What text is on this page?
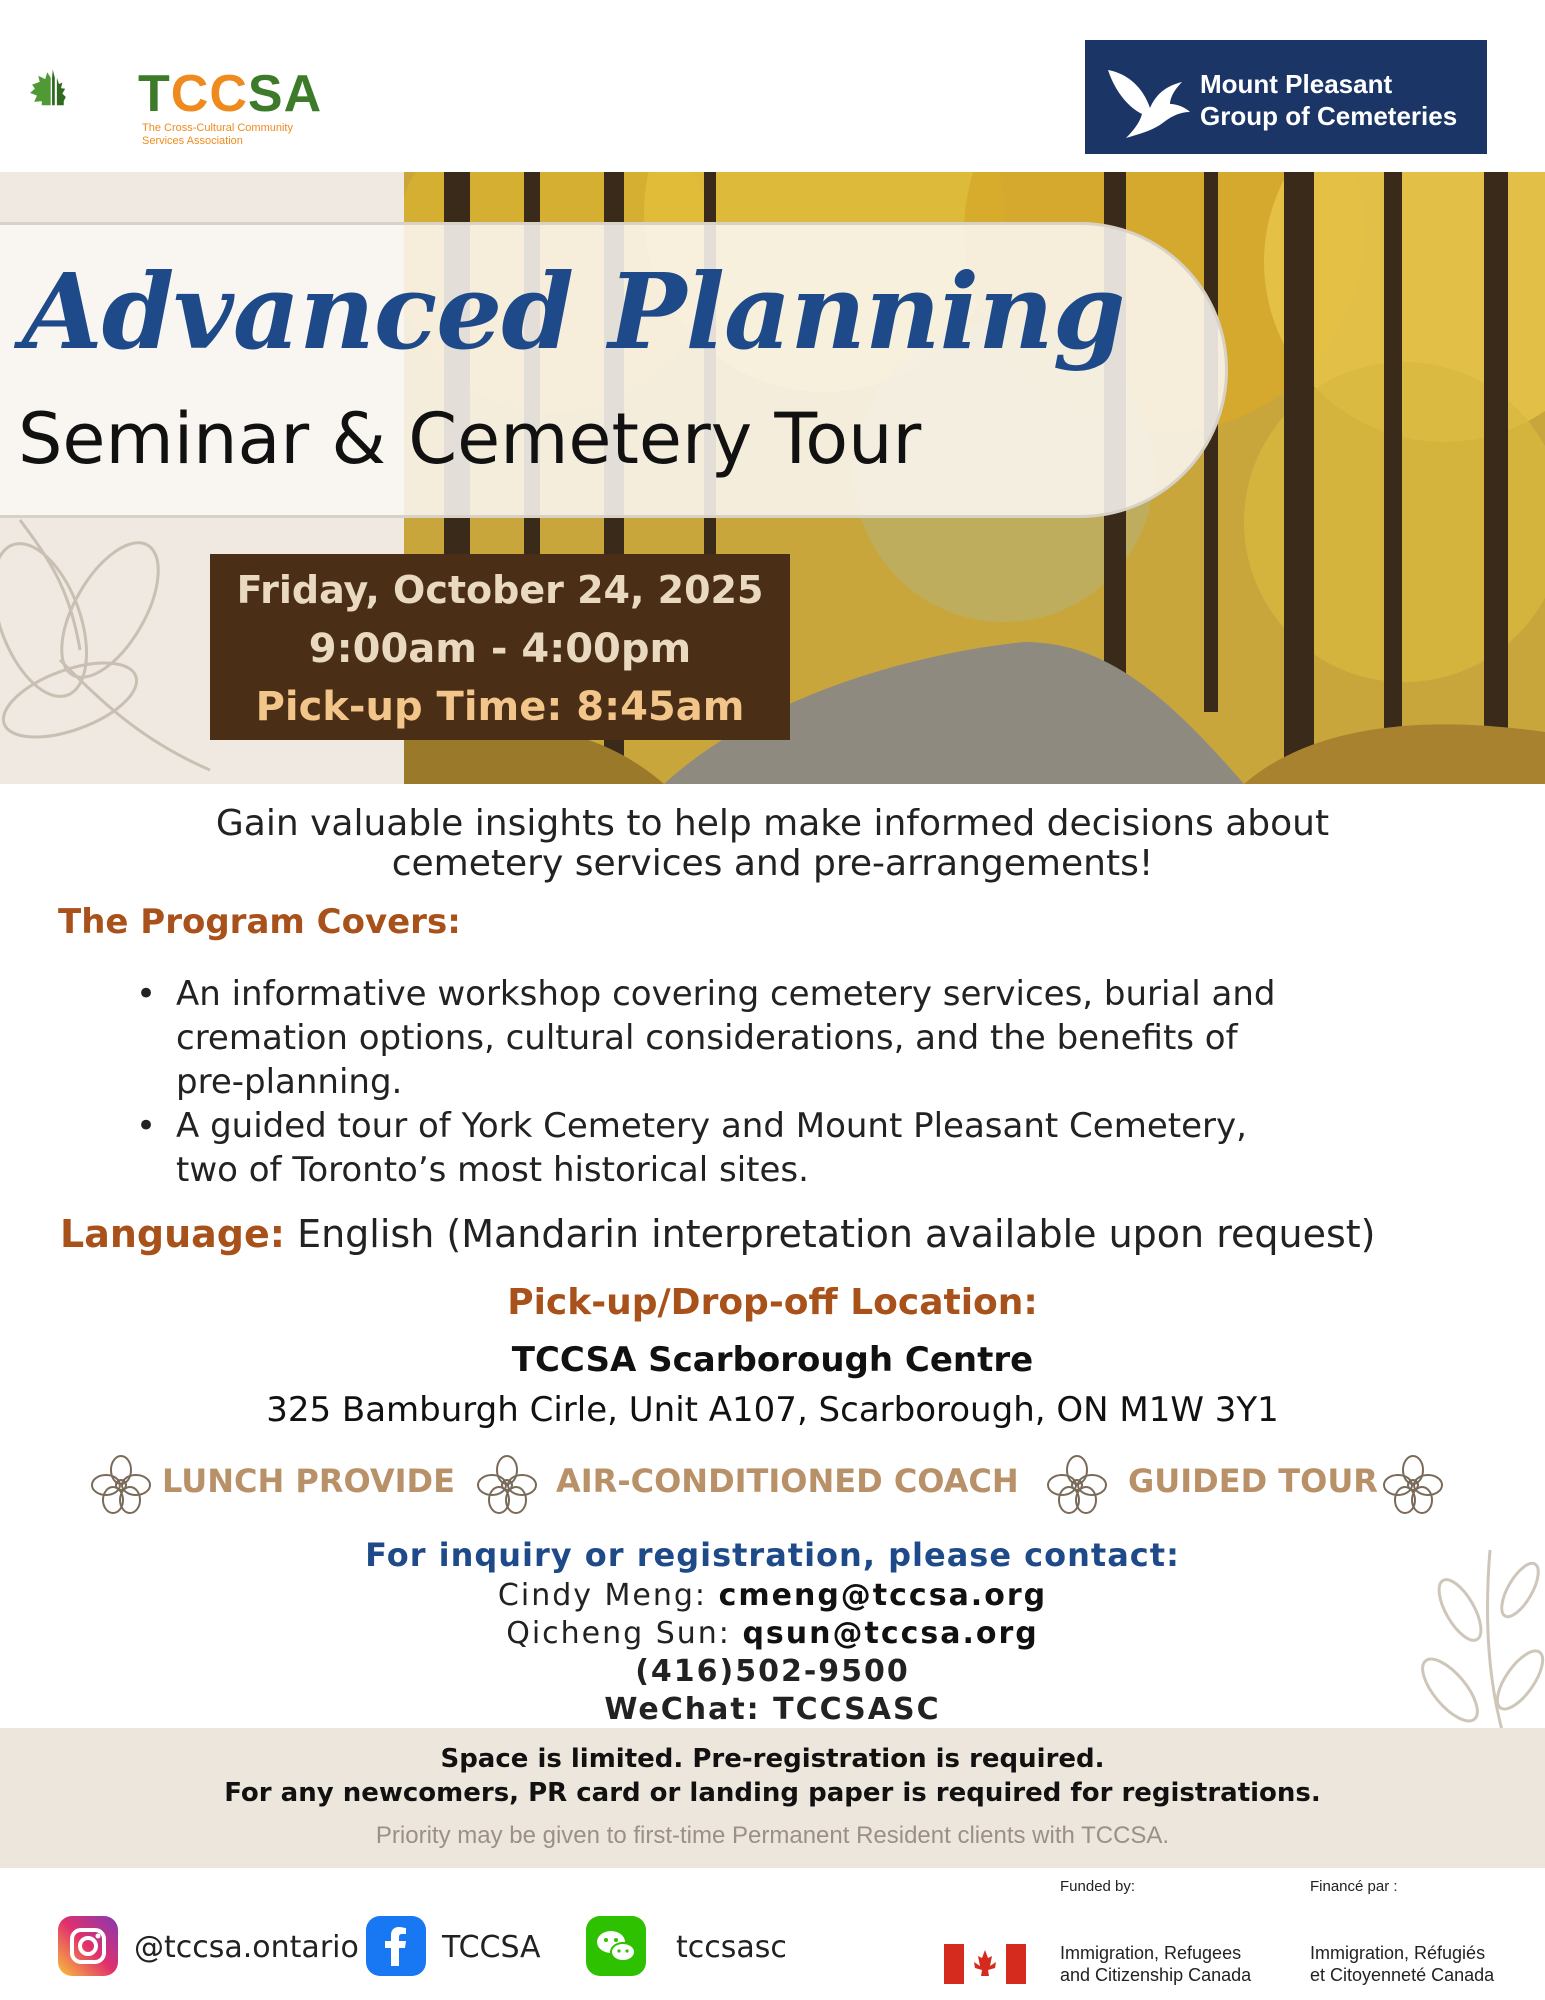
TCCSA
The Cross-Cultural Community
Services Association
Mount Pleasant
Group of Cemeteries
Advanced Planning
Seminar & Cemetery Tour
Friday, October 24, 2025
9:00am - 4:00pm
Pick-up Time: 8:45am
Gain valuable insights to help make informed decisions about
cemetery services and pre-arrangements!
The Program Covers:
• An informative workshop covering cemetery services, burial and
cremation options, cultural considerations, and the benefits of
pre-planning.
• A guided tour of York Cemetery and Mount Pleasant Cemetery,
two of Toronto’s most historical sites.
Language: English (Mandarin interpretation available upon request)
Pick-up/Drop-off Location:
TCCSA Scarborough Centre
325 Bamburgh Cirle, Unit A107, Scarborough, ON M1W 3Y1
LUNCH PROVIDE	AIR-CONDITIONED COACH	GUIDED TOUR
For inquiry or registration, please contact:
Cindy Meng: cmeng@tccsa.org
Qicheng Sun: qsun@tccsa.org
(416)502-9500
WeChat: TCCSASC
Space is limited. Pre-registration is required.
For any newcomers, PR card or landing paper is required for registrations.
Priority may be given to first-time Permanent Resident clients with TCCSA.
@tccsa.ontario	TCCSA	tccsasc
Funded by:	Financé par :
Immigration, Refugees
and Citizenship Canada
Immigration, Réfugiés
et Citoyenneté Canada
